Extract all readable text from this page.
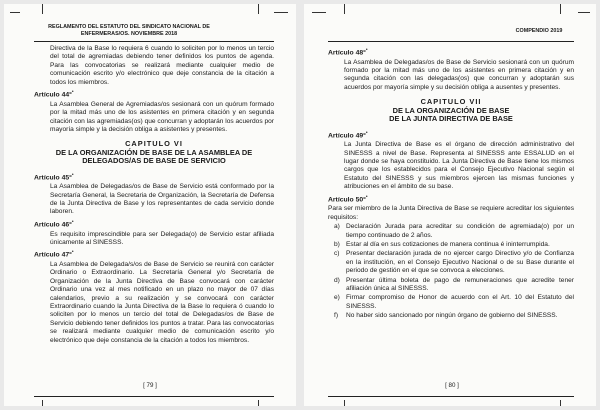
REGLAMENTO DEL ESTATUTO DEL SINDICATO NACIONAL DE ENFERMERAS/OS. NOVIEMBRE 2018

Directiva de la Base lo requiera 6 cuando lo soliciten por lo menos un tercio del total de agremiadas debiendo tener definidos los puntos de agenda. Para las convocatorias se realizará mediante cualquier medio de comunicación escrito y/o electrónico que deje constancia de la citación a todos los miembros.

Artículo 44°•

La Asamblea General de Agremiadas/os sesionará con un quórum formado por la mitad más uno de los asistentes en primera citación y en segunda citación con las agremiadas(os) que concurran y adoptarán los acuerdos por mayoría simple y la decisión obliga a asistentes y presentes.

CAPITULO VI
DE LA ORGANIZACIÓN DE BASE DE LA ASAMBLEA DE DELEGADOS/AS DE BASE DE SERVICIO
Artículo 45°•

La Asamblea de Delegadas/os de Base de Servicio está conformado por la Secretaría General, la Secretaria de Organización, la Secretaría de Defensa de la Junta Directiva de Base y los representantes de cada servicio donde laboren.

Artículo 46°•

Es requisito imprescindible para ser Delegada(o) de Servicio estar afiliada únicamente al SINESSS.

Artículo 47°•

La Asamblea de Delegada/s/os de Base de Servicio se reunirá con carácter Ordinario o Extraordinario. La Secretaría General y/o Secretaría de Organización de la Junta Directiva de Base convocará con carácter Ordinario una vez al mes notificado en un plazo no mayor de 07 días calendarios, previo a su realización y se convocará con carácter Extraordinario cuando la Junta Directiva de la Base lo requiera ó cuando lo soliciten por lo menos un tercio del total de Delegadas/os de Base de Servicio debiendo tener definidos los puntos a tratar. Para las convocatorias se realizará mediante cualquier medio de comunicación escrito y/o electrónico que deje constancia de la citación a todos los miembros.

[ 79 ]
COMPENDIO 2019
Artículo 48°•

La Asamblea de Delegadas/os de Base de Servicio sesionará con un quórum formado por la mitad más uno de los asistentes en primera citación y en segunda citación con las delegadas(os) que concurran y adoptarán sus acuerdos por mayoría simple y su decisión obliga a ausentes y presentes.

CAPITULO VII
DE LA ORGANIZACIÓN DE BASE DE LA JUNTA DIRECTIVA DE BASE
Artículo 49°•

La Junta Directiva de Base es el órgano de dirección administrativo del SINESSS a nivel de Base. Representa al SINESSS ante ESSALUD en el lugar donde se haya constituido. La Junta Directiva de Base tiene los mismos cargos que los establecidos para el Consejo Ejecutivo Nacional según el Estatuto del SINESSS y sus miembros ejercen las mismas funciones y atribuciones en el ámbito de su base.

Artículo 50°•

Para ser miembro de la Junta Directiva de Base se requiere acreditar los siguientes requisitos:

a) Declaración Jurada para acreditar su condición de agremiada(o) por un tiempo continuado de 2 años.
b) Estar al día en sus cotizaciones de manera continua é ininterrumpida.
c) Presentar declaración jurada de no ejercer cargo Directivo y/o de Confianza en la institución, en el Consejo Ejecutivo Nacional o de su Base durante el periodo de gestión en el que se convoca a elecciones.
d) Presentar última boleta de pago de remuneraciones que acredite tener afiliación única al SINESSS.
e) Firmar compromiso de Honor de acuerdo con el Art. 10 del Estatuto del SINESSS.
f)	No haber sido sancionado por ningún órgano de gobierno del SINESSS.
[ 80 ]
